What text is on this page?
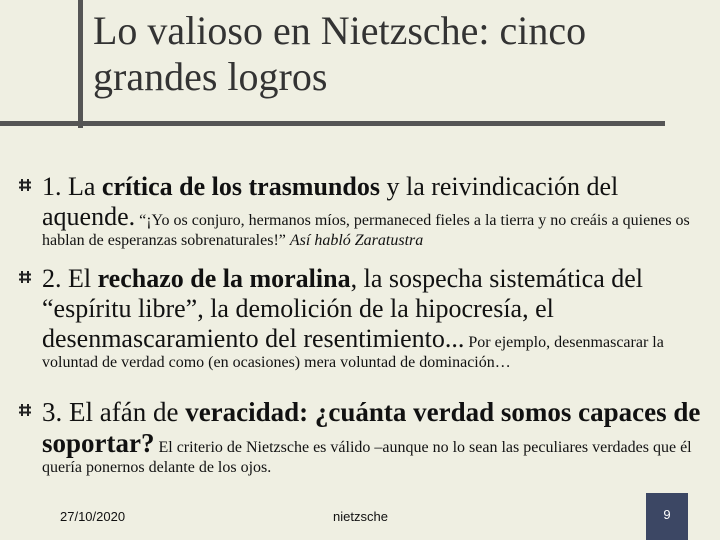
Lo valioso en Nietzsche: cinco grandes logros
1. La crítica de los trasmundos y la reivindicación del aquende. “¡Yo os conjuro, hermanos míos, permaneced fieles a la tierra y no creáis a quienes os hablan de esperanzas sobrenaturales!” Así habló Zaratustra
2. El rechazo de la moralina, la sospecha sistemática del “espíritu libre”, la demolición de la hipocresía, el desenmascaramiento del resentimiento... Por ejemplo, desenmascarar la voluntad de verdad como (en ocasiones) mera voluntad de dominación…
3. El afán de veracidad: ¿cuánta verdad somos capaces de soportar? El criterio de Nietzsche es válido –aunque no lo sean las peculiares verdades que él quería ponernos delante de los ojos.
27/10/2020	nietzsche	9
